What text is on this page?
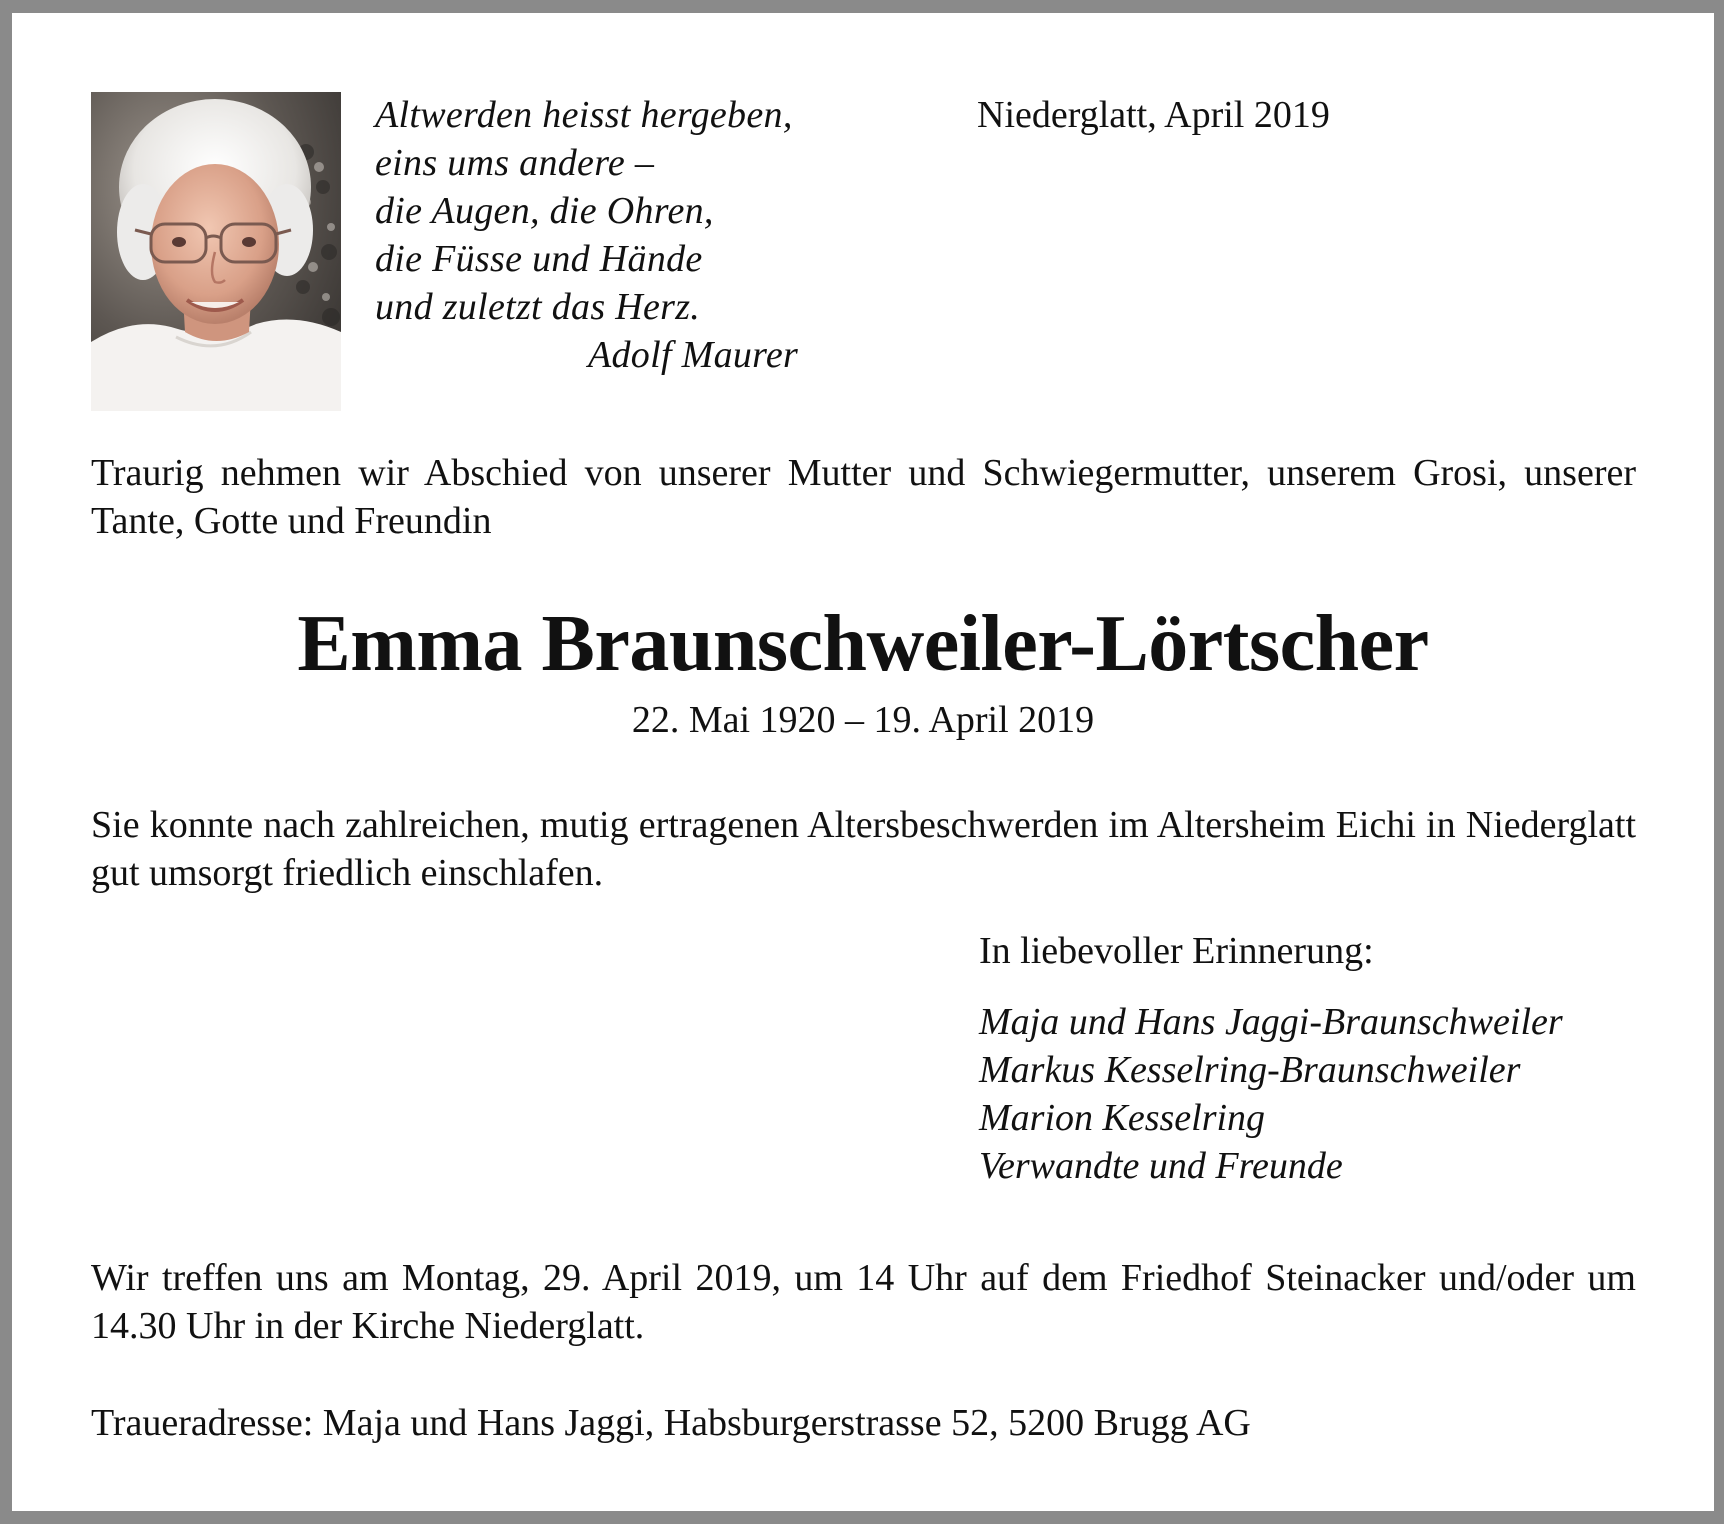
Altwerden heisst hergeben,
eins ums andere –
die Augen, die Ohren,
die Füsse und Hände
und zuletzt das Herz.
Adolf Maurer
Niederglatt, April 2019
Traurig nehmen wir Abschied von unserer Mutter und Schwiegermutter, unserem Grosi, unserer Tante, Gotte und Freundin
Emma Braunschweiler-Lörtscher
22. Mai 1920 – 19. April 2019
Sie konnte nach zahlreichen, mutig ertragenen Altersbeschwerden im Altersheim Eichi in Niederglatt gut umsorgt friedlich einschlafen.
In liebevoller Erinnerung:
Maja und Hans Jaggi-Braunschweiler
Markus Kesselring-Braunschweiler
Marion Kesselring
Verwandte und Freunde
Wir treffen uns am Montag, 29. April 2019, um 14 Uhr auf dem Friedhof Steinacker und/oder um 14.30 Uhr in der Kirche Niederglatt.
Traueradresse: Maja und Hans Jaggi, Habsburgerstrasse 52, 5200 Brugg AG
